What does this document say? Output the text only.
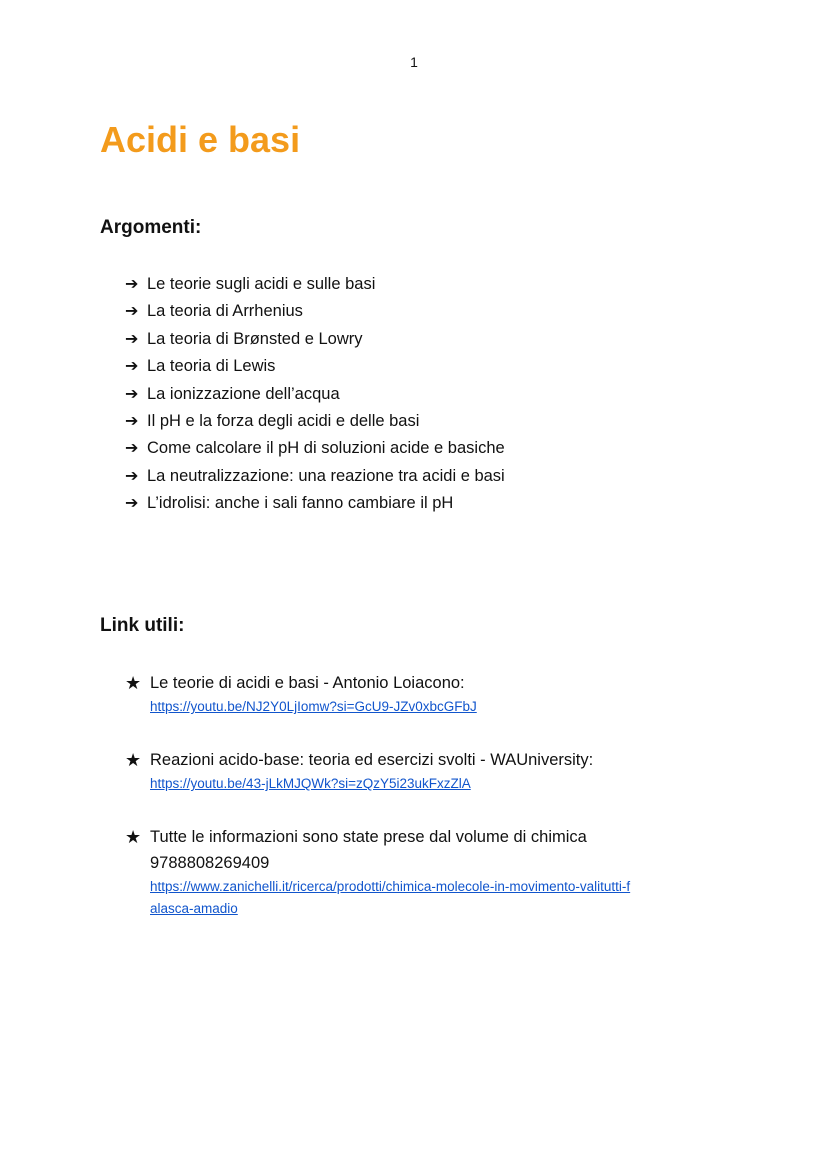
1
Acidi e basi
Argomenti:
➔ Le teorie sugli acidi e sulle basi
➔ La teoria di Arrhenius
➔ La teoria di Brønsted e Lowry
➔ La teoria di Lewis
➔ La ionizzazione dell’acqua
➔ Il pH e la forza degli acidi e delle basi
➔ Come calcolare il pH di soluzioni acide e basiche
➔ La neutralizzazione: una reazione tra acidi e basi
➔ L’idrolisi: anche i sali fanno cambiare il pH
Link utili:
★ Le teorie di acidi e basi - Antonio Loiacono:
https://youtu.be/NJ2Y0LjIomw?si=GcU9-JZv0xbcGFbJ
★ Reazioni acido-base: teoria ed esercizi svolti - WAUniversity:
https://youtu.be/43-jLkMJQWk?si=zQzY5i23ukFxzZlA
★ Tutte le informazioni sono state prese dal volume di chimica
9788808269409
https://www.zanichelli.it/ricerca/prodotti/chimica-molecole-in-movimento-valitutti-f
alasca-amadio
